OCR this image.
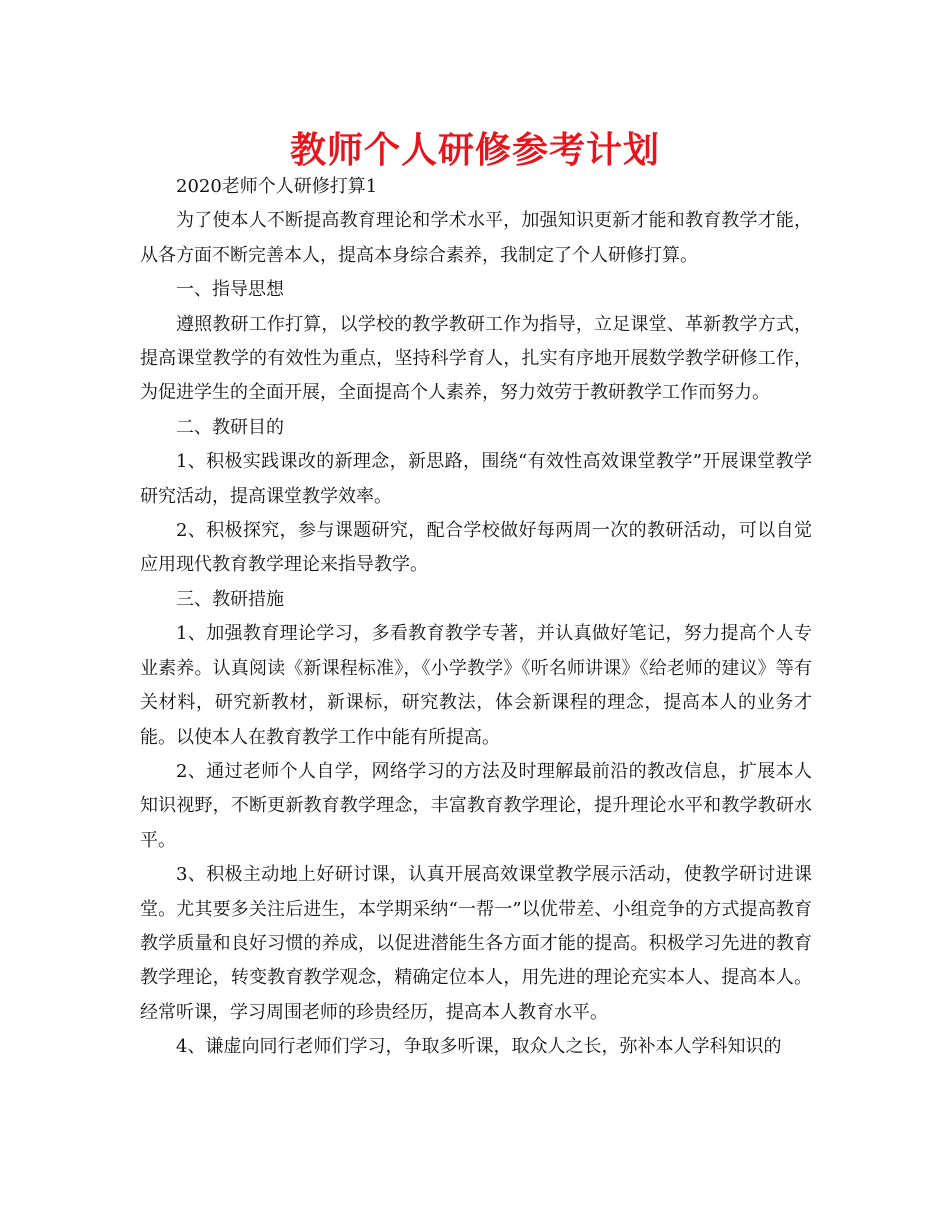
教师个人研修参考计划

2020老师个人研修打算1

为了使本人不断提高教育理论和学术水平，加强知识更新才能和教育教学才能，从各方面不断完善本人，提高本身综合素养，我制定了个人研修打算。

一、指导思想

遵照教研工作打算，以学校的教学教研工作为指导，立足课堂、革新教学方式，提高课堂教学的有效性为重点，坚持科学育人，扎实有序地开展数学教学研修工作，为促进学生的全面开展，全面提高个人素养，努力效劳于教研教学工作而努力。

二、教研目的

1、积极实践课改的新理念，新思路，围绕“有效性高效课堂教学”开展课堂教学研究活动，提高课堂教学效率。

2、积极探究，参与课题研究，配合学校做好每两周一次的教研活动，可以自觉应用现代教育教学理论来指导教学。

三、教研措施

1、加强教育理论学习，多看教育教学专著，并认真做好笔记，努力提高个人专业素养。认真阅读《新课程标准》，《小学教学》《听名师讲课》《给老师的建议》等有关材料，研究新教材，新课标，研究教法，体会新课程的理念，提高本人的业务才能。以使本人在教育教学工作中能有所提高。

2、通过老师个人自学，网络学习的方法及时理解最前沿的教改信息，扩展本人知识视野，不断更新教育教学理念，丰富教育教学理论，提升理论水平和教学教研水平。

3、积极主动地上好研讨课，认真开展高效课堂教学展示活动，使教学研讨进课堂。尤其要多关注后进生，本学期采纳“一帮一”以优带差、小组竞争的方式提高教育教学质量和良好习惯的养成，以促进潜能生各方面才能的提高。积极学习先进的教育教学理论，转变教育教学观念，精确定位本人，用先进的理论充实本人、提高本人。经常听课，学习周围老师的珍贵经历，提高本人教育水平。

4、谦虚向同行老师们学习，争取多听课，取众人之长，弥补本人学科知识的
